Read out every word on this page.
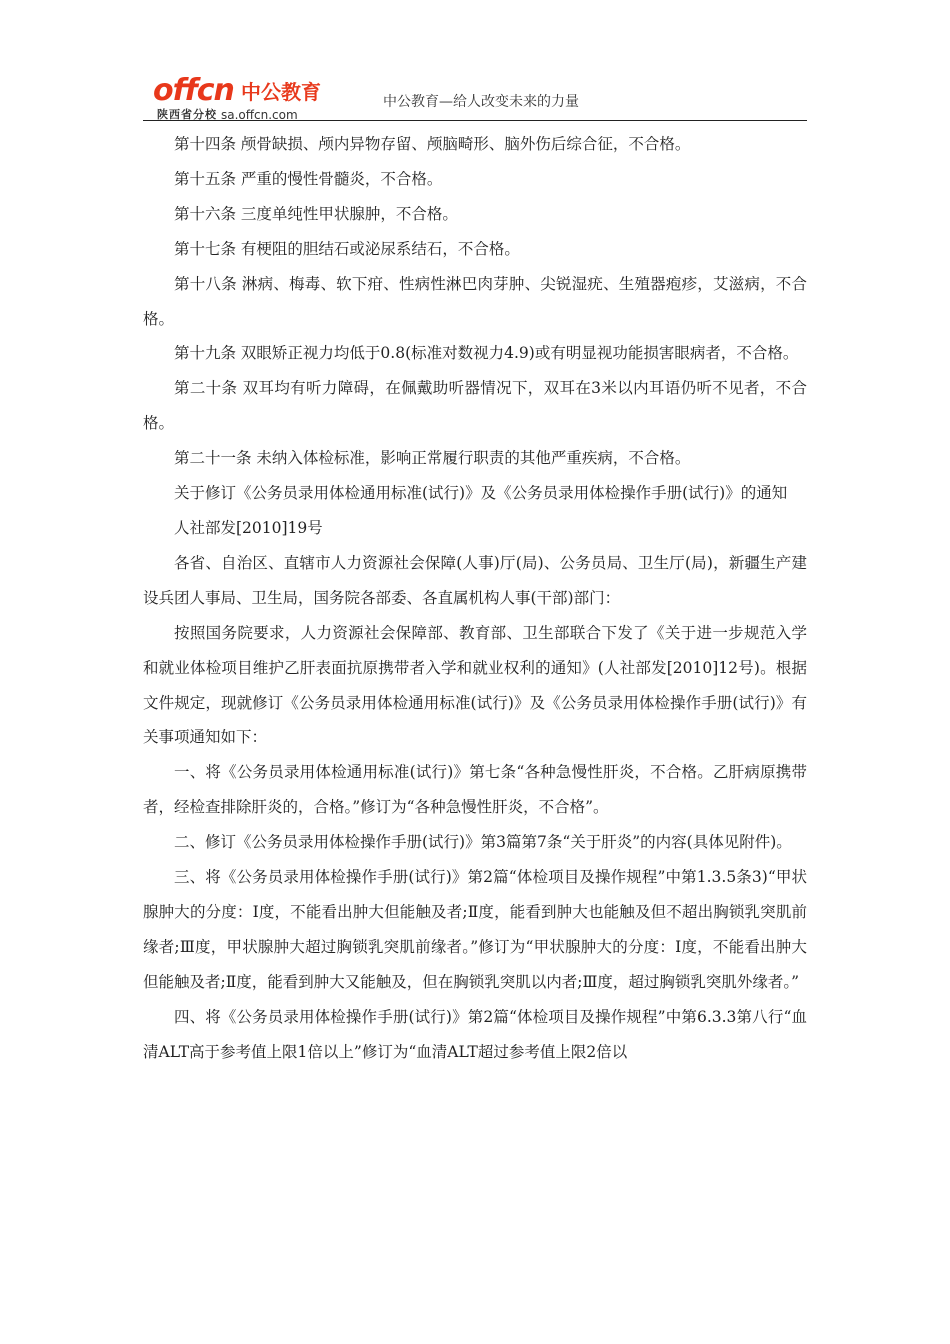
offcn 中公教育
陕西省分校 sa.offcn.com
中公教育—给人改变未来的力量

第十四条 颅骨缺损、颅内异物存留、颅脑畸形、脑外伤后综合征，不合格。

第十五条 严重的慢性骨髓炎，不合格。

第十六条 三度单纯性甲状腺肿，不合格。

第十七条 有梗阻的胆结石或泌尿系结石，不合格。

第十八条 淋病、梅毒、软下疳、性病性淋巴肉芽肿、尖锐湿疣、生殖器疱疹，艾滋病，不合格。

第十九条 双眼矫正视力均低于0.8(标准对数视力4.9)或有明显视功能损害眼病者，不合格。

第二十条 双耳均有听力障碍，在佩戴助听器情况下，双耳在3米以内耳语仍听不见者，不合格。

第二十一条 未纳入体检标准，影响正常履行职责的其他严重疾病，不合格。

关于修订《公务员录用体检通用标准(试行)》及《公务员录用体检操作手册(试行)》的通知

人社部发[2010]19号

各省、自治区、直辖市人力资源社会保障(人事)厅(局)、公务员局、卫生厅(局)，新疆生产建设兵团人事局、卫生局，国务院各部委、各直属机构人事(干部)部门：

按照国务院要求，人力资源社会保障部、教育部、卫生部联合下发了《关于进一步规范入学和就业体检项目维护乙肝表面抗原携带者入学和就业权利的通知》(人社部发[2010]12号)。根据文件规定，现就修订《公务员录用体检通用标准(试行)》及《公务员录用体检操作手册(试行)》有关事项通知如下：

一、将《公务员录用体检通用标准(试行)》第七条“各种急慢性肝炎，不合格。乙肝病原携带者，经检查排除肝炎的，合格。”修订为“各种急慢性肝炎，不合格”。

二、修订《公务员录用体检操作手册(试行)》第3篇第7条“关于肝炎”的内容(具体见附件)。

三、将《公务员录用体检操作手册(试行)》第2篇“体检项目及操作规程”中第1.3.5条3)“甲状腺肿大的分度：Ⅰ度，不能看出肿大但能触及者;Ⅱ度，能看到肿大也能触及但不超出胸锁乳突肌前缘者;Ⅲ度，甲状腺肿大超过胸锁乳突肌前缘者。”修订为“甲状腺肿大的分度：Ⅰ度，不能看出肿大但能触及者;Ⅱ度，能看到肿大又能触及，但在胸锁乳突肌以内者;Ⅲ度，超过胸锁乳突肌外缘者。”

四、将《公务员录用体检操作手册(试行)》第2篇“体检项目及操作规程”中第6.3.3第八行“血清ALT高于参考值上限1倍以上”修订为“血清ALT超过参考值上限2倍以
